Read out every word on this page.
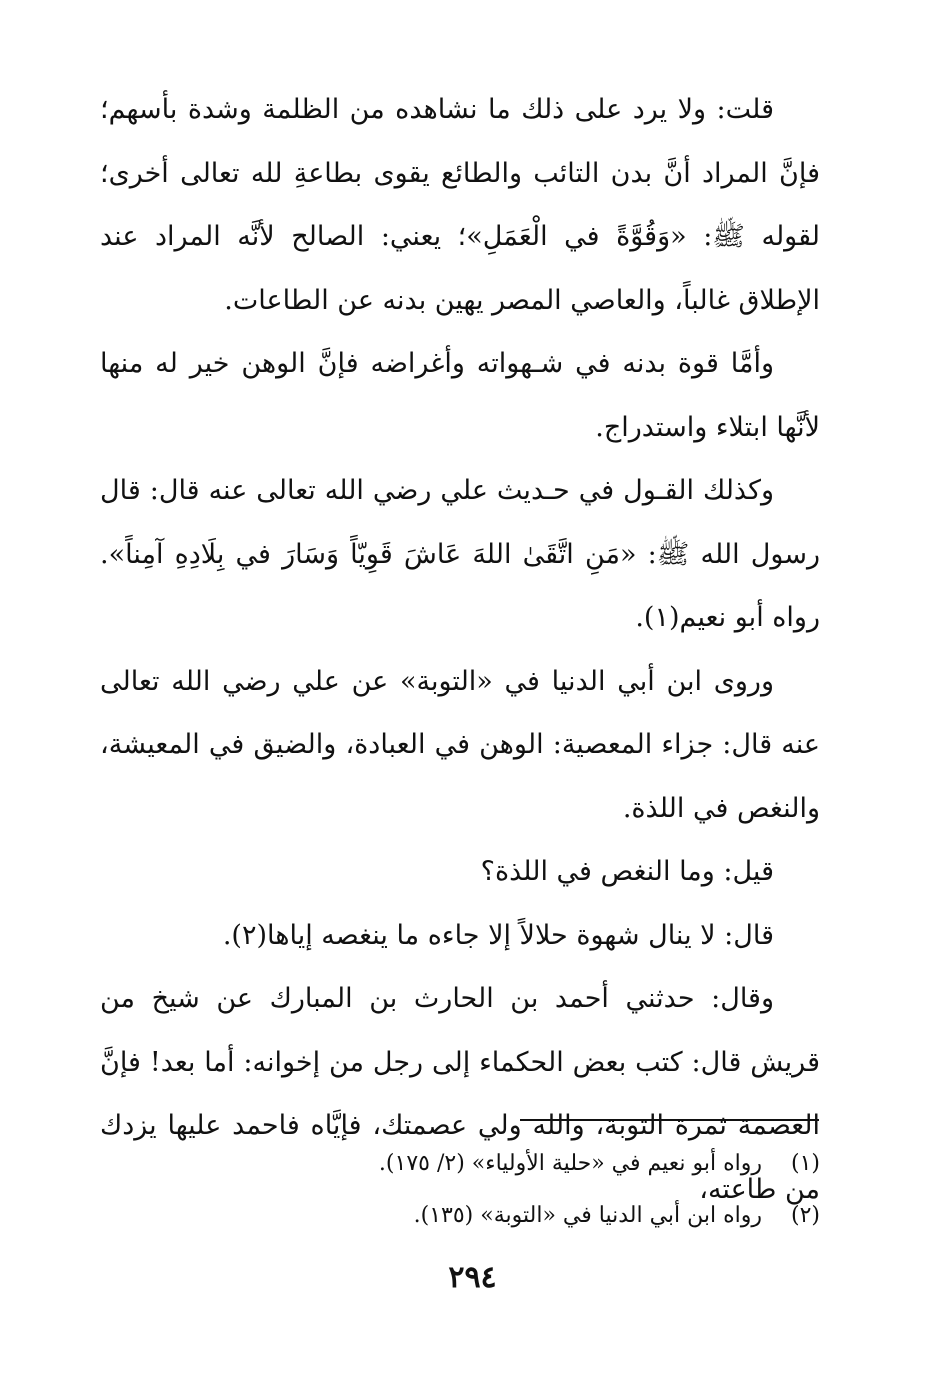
قلت: ولا يرد على ذلك ما نشاهده من الظلمة وشدة بأسهم؛ فإنَّ المراد أنَّ بدن التائب والطائع يقوى بطاعةِ لله تعالى أخرى؛ لقوله ﷺ: «وَقُوَّةً في الْعَمَلِ»؛ يعني: الصالح لأنَّه المراد عند الإطلاق غالباً، والعاصي المصر يهين بدنه عن الطاعات.

وأمَّا قوة بدنه في شـهواته وأغراضه فإنَّ الوهن خير له منها لأنَّها ابتلاء واستدراج.

وكذلك القـول في حـديث علي رضي الله تعالى عنه قال: قال رسول الله ﷺ: «مَنِ اتَّقَىٰ اللهَ عَاشَ قَوِيّاً وَسَارَ في بِلَادِهِ آمِناً». رواه أبو نعيم(١).

وروى ابن أبي الدنيا في «التوبة» عن علي رضي الله تعالى عنه قال: جزاء المعصية: الوهن في العبادة، والضيق في المعيشة، والنغص في اللذة.

قيل: وما النغص في اللذة؟

قال: لا ينال شهوة حلالاً إلا جاءه ما ينغصه إياها(٢).

وقال: حدثني أحمد بن الحارث بن المبارك عن شيخ من قريش قال: كتب بعض الحكماء إلى رجل من إخوانه: أما بعد! فإنَّ العصمة ثمرة التوبة، والله ولي عصمتك، فإيَّاه فاحمد عليها يزدك من طاعته،

(١)
رواه أبو نعيم في «حلية الأولياء» (٢/ ١٧٥).
(٢)
رواه ابن أبي الدنيا في «التوبة» (١٣٥).
٢٩٤
